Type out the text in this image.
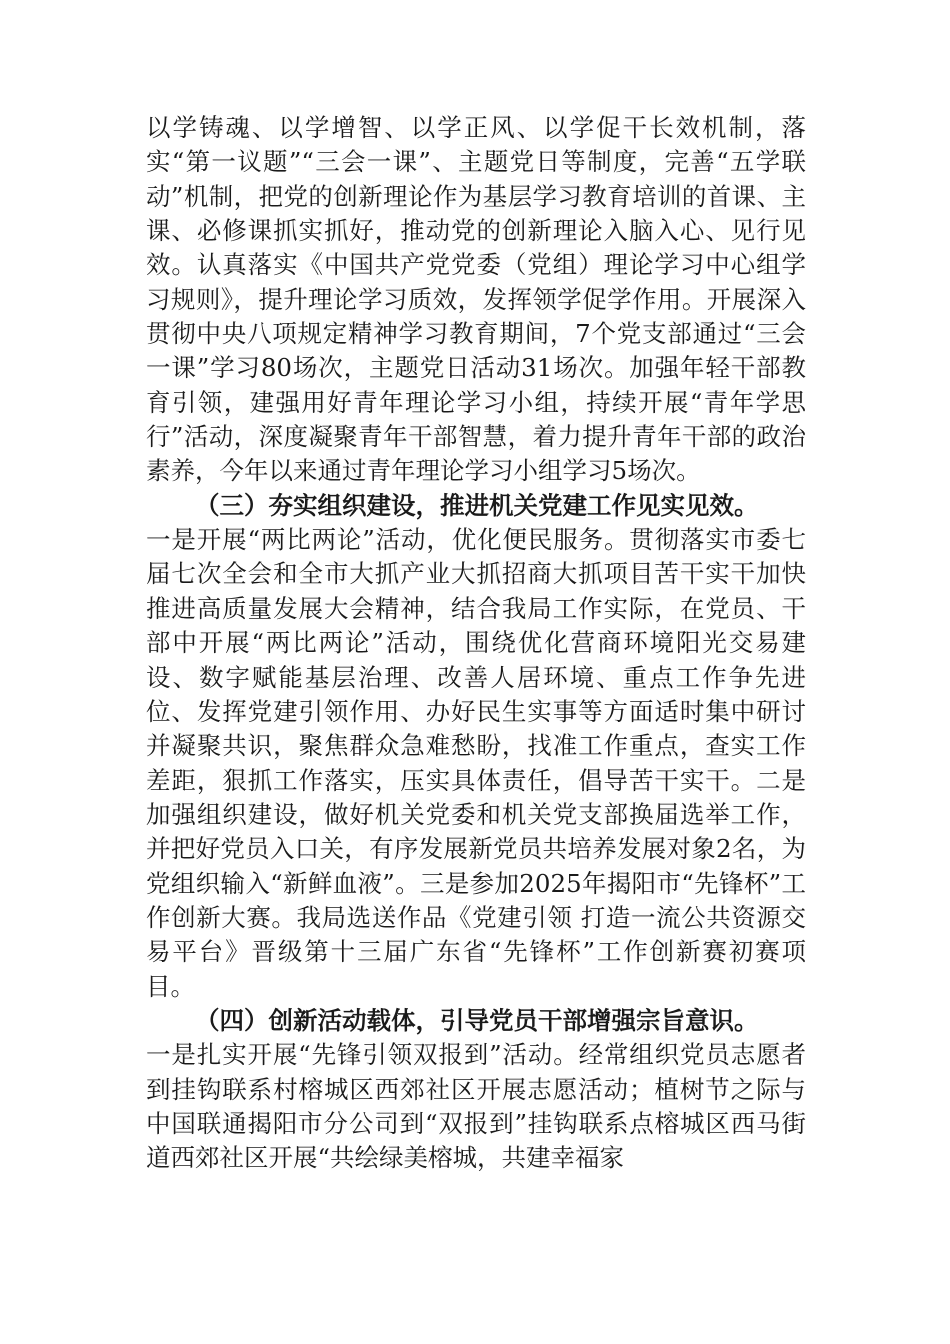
以学铸魂、以学增智、以学正风、以学促干长效机制，落实“第一议题”“三会一课”、主题党日等制度，完善“五学联动”机制，把党的创新理论作为基层学习教育培训的首课、主课、必修课抓实抓好，推动党的创新理论入脑入心、见行见效。认真落实《中国共产党党委（党组）理论学习中心组学习规则》，提升理论学习质效，发挥领学促学作用。开展深入贯彻中央八项规定精神学习教育期间，7个党支部通过“三会一课”学习80场次，主题党日活动31场次。加强年轻干部教育引领，建强用好青年理论学习小组，持续开展“青年学思行”活动，深度凝聚青年干部智慧，着力提升青年干部的政治素养，今年以来通过青年理论学习小组学习5场次。

（三）夯实组织建设，推进机关党建工作见实见效。

一是开展“两比两论”活动，优化便民服务。贯彻落实市委七届七次全会和全市大抓产业大抓招商大抓项目苦干实干加快推进高质量发展大会精神，结合我局工作实际，在党员、干部中开展“两比两论”活动，围绕优化营商环境阳光交易建设、数字赋能基层治理、改善人居环境、重点工作争先进位、发挥党建引领作用、办好民生实事等方面适时集中研讨并凝聚共识，聚焦群众急难愁盼，找准工作重点，查实工作差距，狠抓工作落实，压实具体责任，倡导苦干实干。二是加强组织建设，做好机关党委和机关党支部换届选举工作，并把好党员入口关，有序发展新党员共培养发展对象2名，为党组织输入“新鲜血液”。三是参加2025年揭阳市“先锋杯”工作创新大赛。我局选送作品《党建引领 打造一流公共资源交易平台》晋级第十三届广东省“先锋杯”工作创新赛初赛项目。

（四）创新活动载体，引导党员干部增强宗旨意识。

一是扎实开展“先锋引领双报到”活动。经常组织党员志愿者到挂钩联系村榕城区西郊社区开展志愿活动；植树节之际与中国联通揭阳市分公司到“双报到”挂钩联系点榕城区西马街道西郊社区开展“共绘绿美榕城，共建幸福家
